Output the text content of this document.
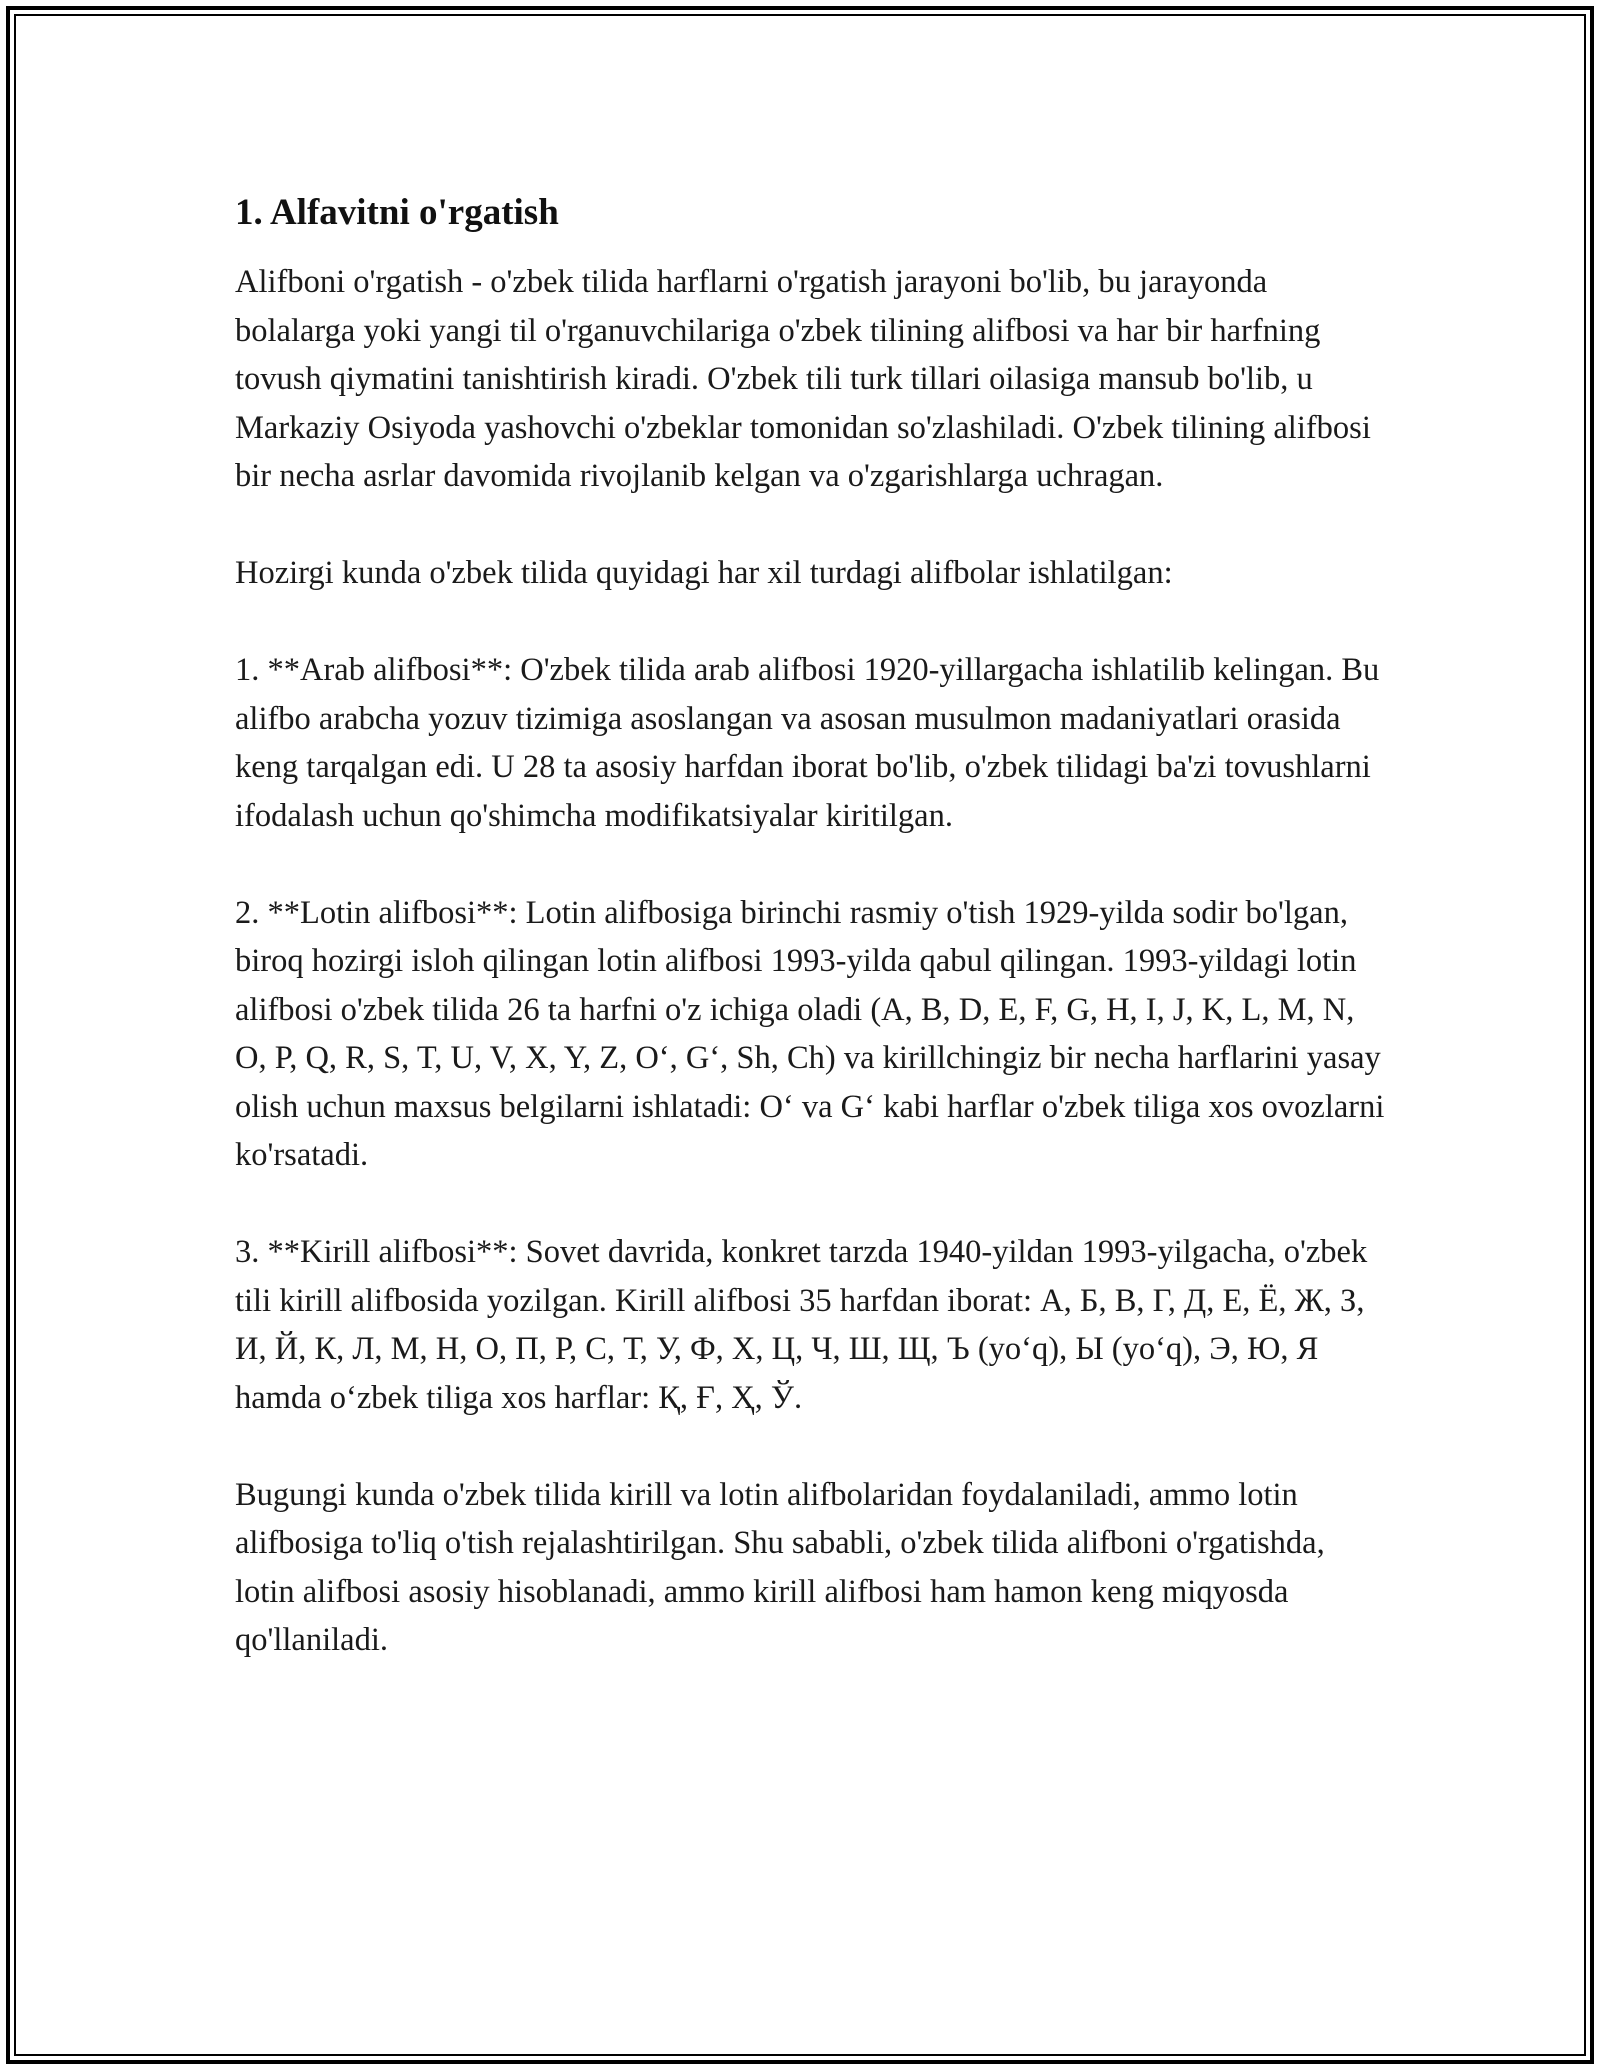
1. Alfavitni o'rgatish

Alifboni o'rgatish - o'zbek tilida harflarni o'rgatish jarayoni bo'lib, bu jarayonda bolalarga yoki yangi til o'rganuvchilariga o'zbek tilining alifbosi va har bir harfning tovush qiymatini tanishtirish kiradi. O'zbek tili turk tillari oilasiga mansub bo'lib, u Markaziy Osiyoda yashovchi o'zbeklar tomonidan so'zlashiladi. O'zbek tilining alifbosi bir necha asrlar davomida rivojlanib kelgan va o'zgarishlarga uchragan.

Hozirgi kunda o'zbek tilida quyidagi har xil turdagi alifbolar ishlatilgan:

1. **Arab alifbosi**: O'zbek tilida arab alifbosi 1920-yillargacha ishlatilib kelingan. Bu alifbo arabcha yozuv tizimiga asoslangan va asosan musulmon madaniyatlari orasida keng tarqalgan edi. U 28 ta asosiy harfdan iborat bo'lib, o'zbek tilidagi ba'zi tovushlarni ifodalash uchun qo'shimcha modifikatsiyalar kiritilgan.

2. **Lotin alifbosi**: Lotin alifbosiga birinchi rasmiy o'tish 1929-yilda sodir bo'lgan, biroq hozirgi isloh qilingan lotin alifbosi 1993-yilda qabul qilingan. 1993-yildagi lotin alifbosi o'zbek tilida 26 ta harfni o'z ichiga oladi (A, B, D, E, F, G, H, I, J, K, L, M, N, O, P, Q, R, S, T, U, V, X, Y, Z, O‘, G‘, Sh, Ch) va kirillchingiz bir necha harflarini yasay olish uchun maxsus belgilarni ishlatadi: O‘ va G‘ kabi harflar o'zbek tiliga xos ovozlarni ko'rsatadi.

3. **Kirill alifbosi**: Sovet davrida, konkret tarzda 1940-yildan 1993-yilgacha, o'zbek tili kirill alifbosida yozilgan. Kirill alifbosi 35 harfdan iborat: А, Б, В, Г, Д, Е, Ё, Ж, З, И, Й, К, Л, М, Н, О, П, Р, С, Т, У, Ф, Х, Ц, Ч, Ш, Щ, Ъ (yo‘q), Ы (yo‘q), Э, Ю, Я hamda o‘zbek tiliga xos harflar: Қ, Ғ, Ҳ, Ў.

Bugungi kunda o'zbek tilida kirill va lotin alifbolaridan foydalaniladi, ammo lotin alifbosiga to'liq o'tish rejalashtirilgan. Shu sababli, o'zbek tilida alifboni o'rgatishda, lotin alifbosi asosiy hisoblanadi, ammo kirill alifbosi ham hamon keng miqyosda qo'llaniladi.
